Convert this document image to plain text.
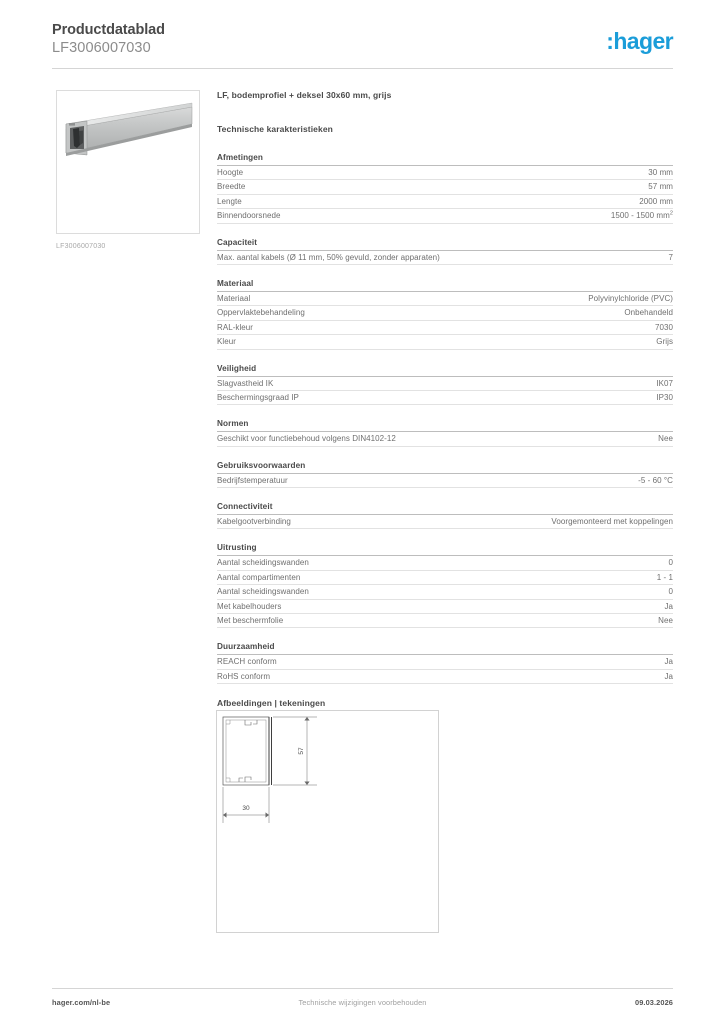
Productdatablad
LF3006007030	:hager
LF3006007030
LF, bodemprofiel + deksel 30x60 mm, grijs
Technische karakteristieken
Afmetingen
Hoogte	30 mm
Breedte	57 mm
Lengte	2000 mm
Binnendoorsnede	1500 - 1500 $mm^2$
Capaciteit
Max. aantal kabels (Ø 11 mm, 50% gevuld, zonder apparaten)	7
Materiaal
Materiaal	Polyvinylchloride (PVC)
Oppervlaktebehandeling	Onbehandeld
RAL-kleur	7030
Kleur	Grijs
Veiligheid
Slagvastheid IK	IK07
Beschermingsgraad IP	IP30
Normen
Geschikt voor functiebehoud volgens DIN4102-12	Nee
Gebruiksvoorwaarden
Bedrijfstemperatuur	-5 - 60 °C
Connectiviteit
Kabelgootverbinding	Voorgemonteerd met koppelingen
Uitrusting
Aantal scheidingswanden	0
Aantal compartimenten	1 - 1
Aantal scheidingswanden	0
Met kabelhouders	Ja
Met beschermfolie	Nee
Duurzaamheid
REACH conform	Ja
RoHS conform	Ja
Afbeeldingen | tekeningen
57
30
hager.com/nl-be	Technische wijzigingen voorbehouden	09.03.2026
